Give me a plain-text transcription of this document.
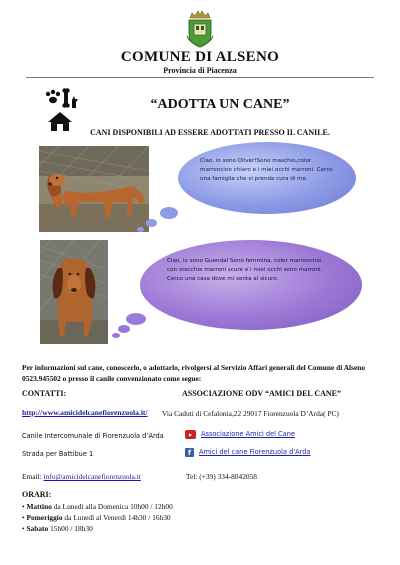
COMUNE DI ALSENO
Provincia di Piacenza
“ADOTTA UN CANE”
CANI DISPONIBILI AD ESSERE ADOTTATI PRESSO IL CANILE.
Ciao, io sono Oliver!Sono maschio,color marroncino chiaro e i miei occhi marroni. Cerco una famiglia che si prenda cura di me.
Ciao, io sono Guendal Sono femmina, color marroncino con orecchie marroni scure e i miei occhi sono marroni. Cerco una casa dove mi senta al sicuro.
Per informazioni sul cane, conoscerlo, o adottarlo, rivolgersi al Servizio Affari generali del Comune di Alseno 0523.945502 o presso il canile convenzionato come segue:
CONTATTI:	ASSOCIAZIONE ODV “AMICI DEL CANE”
http://www.amicidelcanefiorenzuola.it/ Via Caduti di Cefalonia,22 29017 Fiorenzuola D’Arda( PC)
Canile Intercomunale di Fiorenzuola d’Arda
Strada per Battibue 1
▶	Associazione Amici del Cane
f	Amici del cane Fiorenzuola d'Arda
Email: info@amicidelcanefiorenzuola.it	Tel: (+39) 334-8042058
ORARI:
• Mattino da Lunedì alla Domenica 10h00 / 12h00
• Pomeriggio da Lunedì al Venerdì 14h30 / 16h30
• Sabato 15h00 / 18h30
